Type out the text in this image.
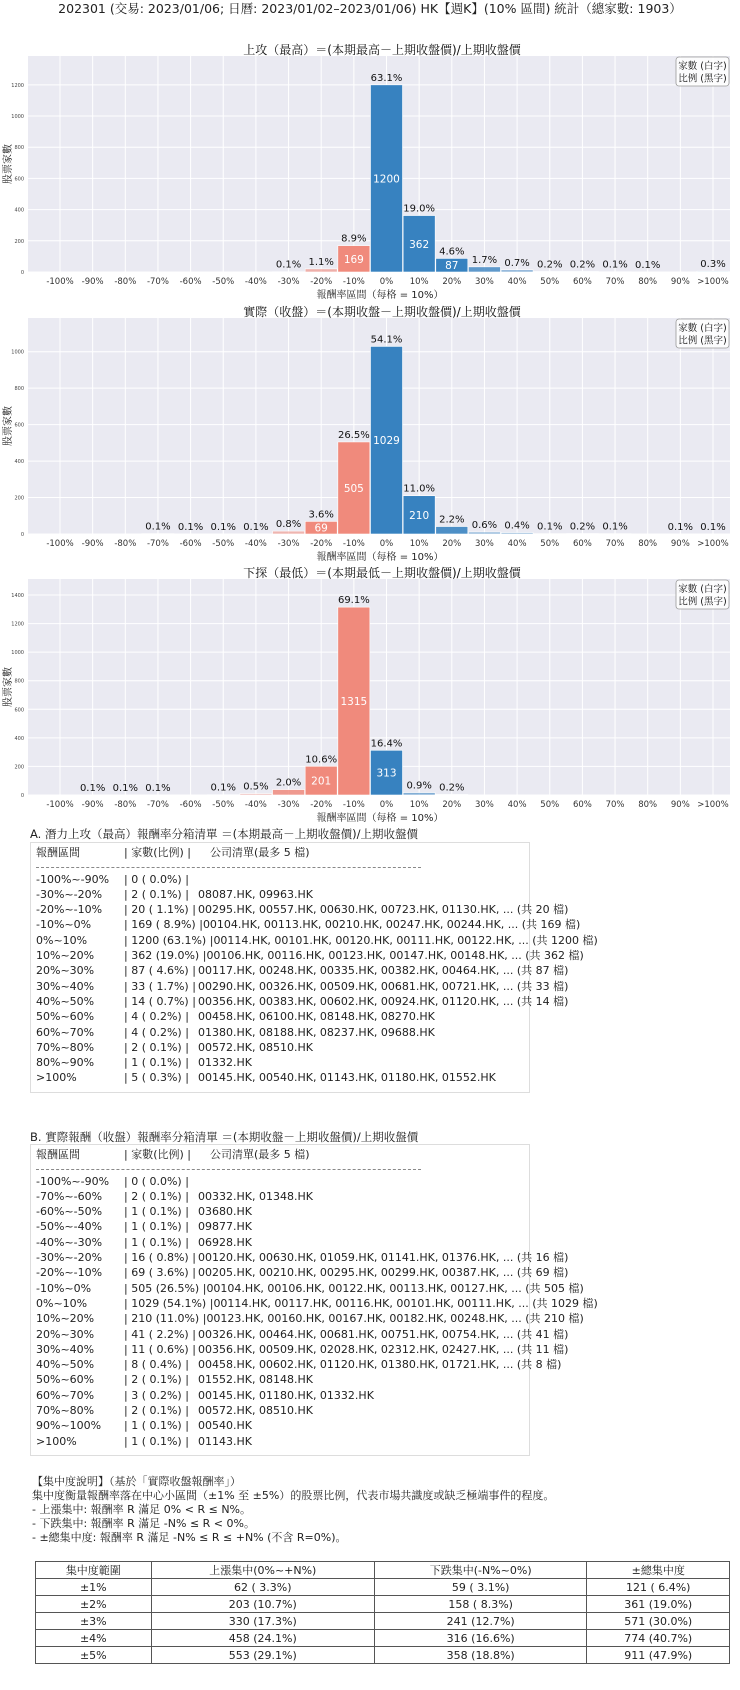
202301 (交易: 2023/01/06; 日曆: 2023/01/02–2023/01/06) HK【週K】(10% 區間) 統計（總家數: 1903）
0
200
400
600
800
1000
1200
-100% -90% -80% -70% -60% -50% -40%
0.1%
-30%
1.1%
-20%
169
8.9%
-10%
1200
63.1%
0%
362
19.0%
10%
87
4.6%
20%
1.7%
30%
0.7%
40%
0.2%
50%
0.2%
60%
0.1%
70%
0.1%
80% 90%
0.3%
>100%
上攻（最高）＝(本期最高－上期收盤價)/上期收盤價
報酬率區間（每格 = 10%）
股票家數
家數 (白字)
比例 (黑字)
0
200
400
600
800
1000
-100% -90% -80%
0.1%
-70%
0.1%
-60%
0.1%
-50%
0.1%
-40%
0.8%
-30%
69
3.6%
-20%
505
26.5%
-10%
1029
54.1%
0%
210
11.0%
10%
2.2%
20%
0.6%
30%
0.4%
40%
0.1%
50%
0.2%
60%
0.1%
70% 80%
0.1%
90%
0.1%
>100%
實際（收盤）＝(本期收盤－上期收盤價)/上期收盤價
報酬率區間（每格 = 10%）
股票家數
家數 (白字)
比例 (黑字)
0
200
400
600
800
1000
1200
1400
-100%
0.1%
-90%
0.1%
-80%
0.1%
-70% -60%
0.1%
-50%
0.5%
-40%
2.0%
-30%
201
10.6%
-20%
1315
69.1%
-10%
313
16.4%
0%
0.9%
10%
0.2%
20% 30% 40% 50% 60% 70% 80% 90% >100%
下探（最低）＝(本期最低－上期收盤價)/上期收盤價
報酬率區間（每格 = 10%）
股票家數
家數 (白字)
比例 (黑字)
A. 潛力上攻（最高）報酬率分箱清單 ＝(本期最高－上期收盤價)/上期收盤價
報酬區間	| 家數(比例) |	公司清單(最多 5 檔)
-100%~-90%	| 0 ( 0.0%) |
-30%~-20%	| 2 ( 0.1%) |	08087.HK, 09963.HK
-20%~-10%	| 20 ( 1.1%) | 00295.HK, 00557.HK, 00630.HK, 00723.HK, 01130.HK, ... (共 20 檔)
-10%~0%	| 169 ( 8.9%) | 00104.HK, 00113.HK, 00210.HK, 00247.HK, 00244.HK, ... (共 169 檔)
0%~10%	| 1200 (63.1%) | 00114.HK, 00101.HK, 00120.HK, 00111.HK, 00122.HK, ... (共 1200 檔)
10%~20%	| 362 (19.0%) | 00106.HK, 00116.HK, 00123.HK, 00147.HK, 00148.HK, ... (共 362 檔)
20%~30%	| 87 ( 4.6%) | 00117.HK, 00248.HK, 00335.HK, 00382.HK, 00464.HK, ... (共 87 檔)
30%~40%	| 33 ( 1.7%) | 00290.HK, 00326.HK, 00509.HK, 00681.HK, 00721.HK, ... (共 33 檔)
40%~50%	| 14 ( 0.7%) | 00356.HK, 00383.HK, 00602.HK, 00924.HK, 01120.HK, ... (共 14 檔)
50%~60%	| 4 ( 0.2%) |	00458.HK, 06100.HK, 08148.HK, 08270.HK
60%~70%	| 4 ( 0.2%) |	01380.HK, 08188.HK, 08237.HK, 09688.HK
70%~80%	| 2 ( 0.1%) |	00572.HK, 08510.HK
80%~90%	| 1 ( 0.1%) |	01332.HK
>100%	| 5 ( 0.3%) |	00145.HK, 00540.HK, 01143.HK, 01180.HK, 01552.HK
B. 實際報酬（收盤）報酬率分箱清單 ＝(本期收盤－上期收盤價)/上期收盤價
報酬區間	| 家數(比例) |	公司清單(最多 5 檔)
-100%~-90%	| 0 ( 0.0%) |
-70%~-60%	| 2 ( 0.1%) |	00332.HK, 01348.HK
-60%~-50%	| 1 ( 0.1%) |	03680.HK
-50%~-40%	| 1 ( 0.1%) |	09877.HK
-40%~-30%	| 1 ( 0.1%) |	06928.HK
-30%~-20%	| 16 ( 0.8%) | 00120.HK, 00630.HK, 01059.HK, 01141.HK, 01376.HK, ... (共 16 檔)
-20%~-10%	| 69 ( 3.6%) | 00205.HK, 00210.HK, 00295.HK, 00299.HK, 00387.HK, ... (共 69 檔)
-10%~0%	| 505 (26.5%) | 00104.HK, 00106.HK, 00122.HK, 00113.HK, 00127.HK, ... (共 505 檔)
0%~10%	| 1029 (54.1%) | 00114.HK, 00117.HK, 00116.HK, 00101.HK, 00111.HK, ... (共 1029 檔)
10%~20%	| 210 (11.0%) | 00123.HK, 00160.HK, 00167.HK, 00182.HK, 00248.HK, ... (共 210 檔)
20%~30%	| 41 ( 2.2%) | 00326.HK, 00464.HK, 00681.HK, 00751.HK, 00754.HK, ... (共 41 檔)
30%~40%	| 11 ( 0.6%) | 00356.HK, 00509.HK, 02028.HK, 02312.HK, 02427.HK, ... (共 11 檔)
40%~50%	| 8 ( 0.4%) |	00458.HK, 00602.HK, 01120.HK, 01380.HK, 01721.HK, ... (共 8 檔)
50%~60%	| 2 ( 0.1%) |	01552.HK, 08148.HK
60%~70%	| 3 ( 0.2%) |	00145.HK, 01180.HK, 01332.HK
70%~80%	| 2 ( 0.1%) |	00572.HK, 08510.HK
90%~100%	| 1 ( 0.1%) |	00540.HK
>100%	| 1 ( 0.1%) |	01143.HK
【集中度說明】（基於「實際收盤報酬率」）
集中度衡量報酬率落在中心小區間（±1% 至 ±5%）的股票比例，代表市場共識度或缺乏極端事件的程度。
- 上漲集中: 報酬率 R 滿足 0% < R ≤ N%。
- 下跌集中: 報酬率 R 滿足 -N% ≤ R < 0%。
- ±總集中度: 報酬率 R 滿足 -N% ≤ R ≤ +N% (不含 R=0%)。
集中度範圍	上漲集中(0%~+N%)	下跌集中(-N%~0%)	±總集中度
±1%	62 ( 3.3%)	59 ( 3.1%)	121 ( 6.4%)
±2%	203 (10.7%)	158 ( 8.3%)	361 (19.0%)
±3%	330 (17.3%)	241 (12.7%)	571 (30.0%)
±4%	458 (24.1%)	316 (16.6%)	774 (40.7%)
±5%	553 (29.1%)	358 (18.8%)	911 (47.9%)
